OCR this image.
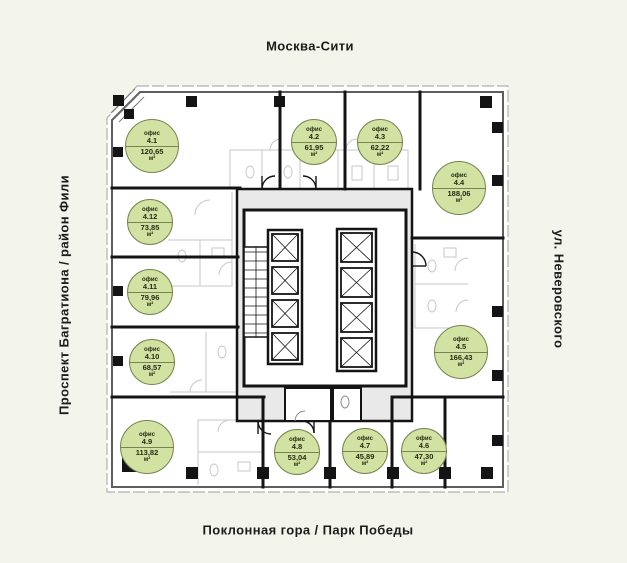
Москва-Сити
Поклонная гора / Парк Победы
Проспект Багратиона / район Фили	ул. Неверовского
офис
4.1
120,65
м²
офис
4.2
61,95
м²
офис
4.3
62,22
м²
офис
4.4
188,06
м²
офис
4.5
166,43
м²
офис
4.6
47,30
м²
офис
4.7
45,89
м²
офис
4.8
53,04
м²
офис
4.9
113,82
м²
офис
4.10
68,57
м²
офис
4.11
79,96
м²
офис
4.12
73,85
м²
